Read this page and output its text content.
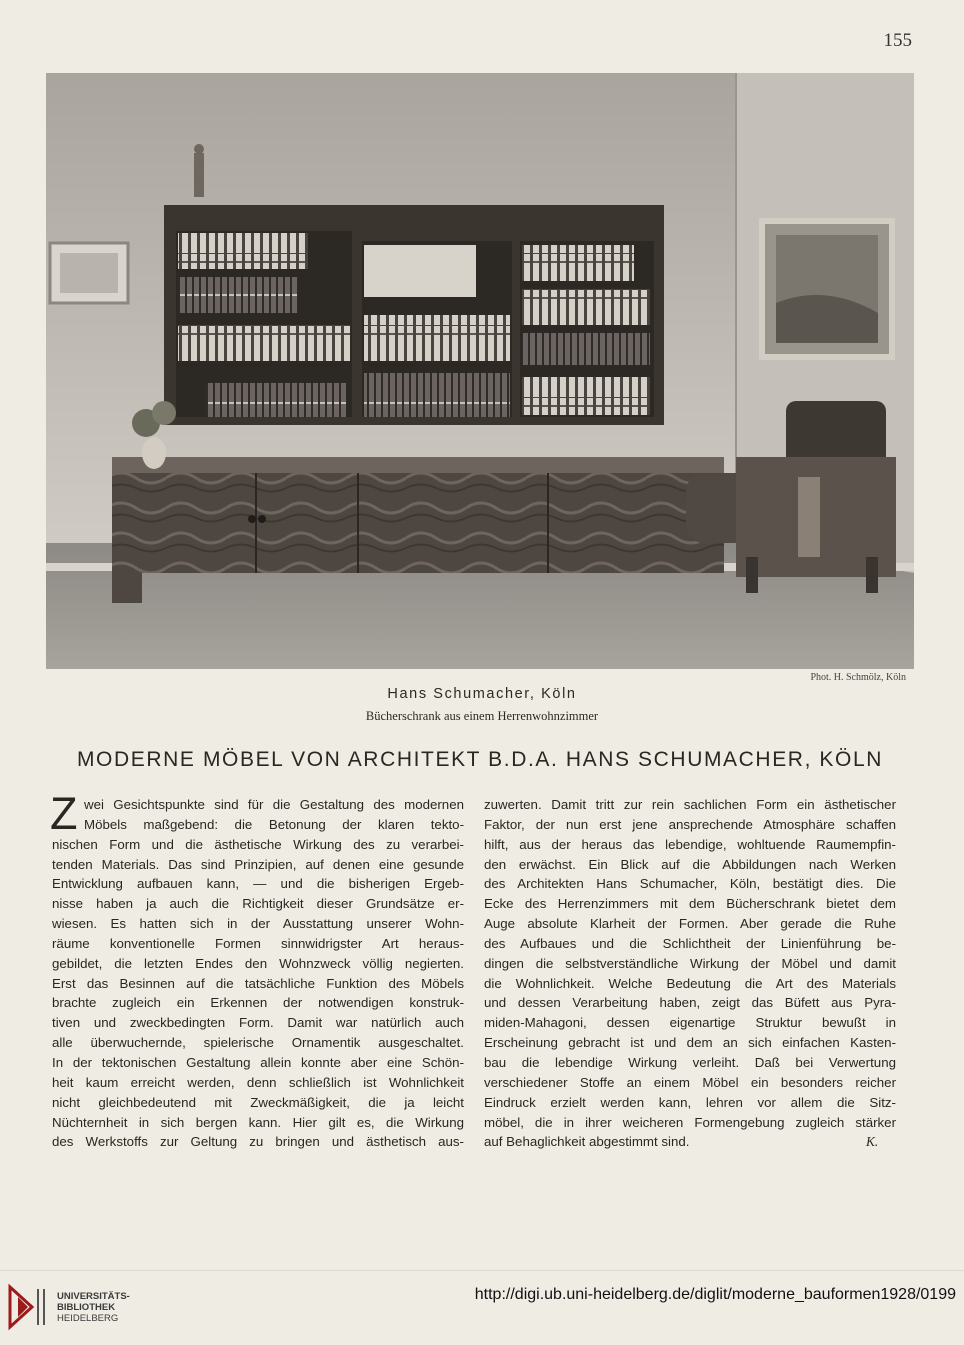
155
Phot. H. Schmölz, Köln
Hans Schumacher, Köln
Bücherschrank aus einem Herrenwohnzimmer
MODERNE MÖBEL VON ARCHITEKT B.D.A. HANS SCHUMACHER, KÖLN
Z wei Gesichtspunkte sind für die Gestaltung des modernen
Möbels maßgebend: die Betonung der klaren tekto-
nischen Form und die ästhetische Wirkung des zu verarbei-
tenden Materials. Das sind Prinzipien, auf denen eine gesunde
Entwicklung aufbauen kann, — und die bisherigen Ergeb-
nisse haben ja auch die Richtigkeit dieser Grundsätze er-
wiesen. Es hatten sich in der Ausstattung unserer Wohn-
räume konventionelle Formen sinnwidrigster Art heraus-
gebildet, die letzten Endes den Wohnzweck völlig negierten.
Erst das Besinnen auf die tatsächliche Funktion des Möbels
brachte zugleich ein Erkennen der notwendigen konstruk-
tiven und zweckbedingten Form. Damit war natürlich auch
alle überwuchernde, spielerische Ornamentik ausgeschaltet.
In der tektonischen Gestaltung allein konnte aber eine Schön-
heit kaum erreicht werden, denn schließlich ist Wohnlichkeit
nicht gleichbedeutend mit Zweckmäßigkeit, die ja leicht
Nüchternheit in sich bergen kann. Hier gilt es, die Wirkung
des Werkstoffs zur Geltung zu bringen und ästhetisch aus-
zuwerten. Damit tritt zur rein sachlichen Form ein ästhetischer
Faktor, der nun erst jene ansprechende Atmosphäre schaffen
hilft, aus der heraus das lebendige, wohltuende Raumempfin-
den erwächst. Ein Blick auf die Abbildungen nach Werken
des Architekten Hans Schumacher, Köln, bestätigt dies. Die
Ecke des Herrenzimmers mit dem Bücherschrank bietet dem
Auge absolute Klarheit der Formen. Aber gerade die Ruhe
des Aufbaues und die Schlichtheit der Linienführung be-
dingen die selbstverständliche Wirkung der Möbel und damit
die Wohnlichkeit. Welche Bedeutung die Art des Materials
und dessen Verarbeitung haben, zeigt das Büfett aus Pyra-
miden-Mahagoni, dessen eigenartige Struktur bewußt in
Erscheinung gebracht ist und dem an sich einfachen Kasten-
bau die lebendige Wirkung verleiht. Daß bei Verwertung
verschiedener Stoffe an einem Möbel ein besonders reicher
Eindruck erzielt werden kann, lehren vor allem die Sitz-
möbel, die in ihrer weicheren Formengebung zugleich stärker
auf Behaglichkeit abgestimmt sind.	K.
UNIVERSITÄTS-
BIBLIOTHEK
HEIDELBERG
http://digi.ub.uni-heidelberg.de/diglit/moderne_bauformen1928/0199
